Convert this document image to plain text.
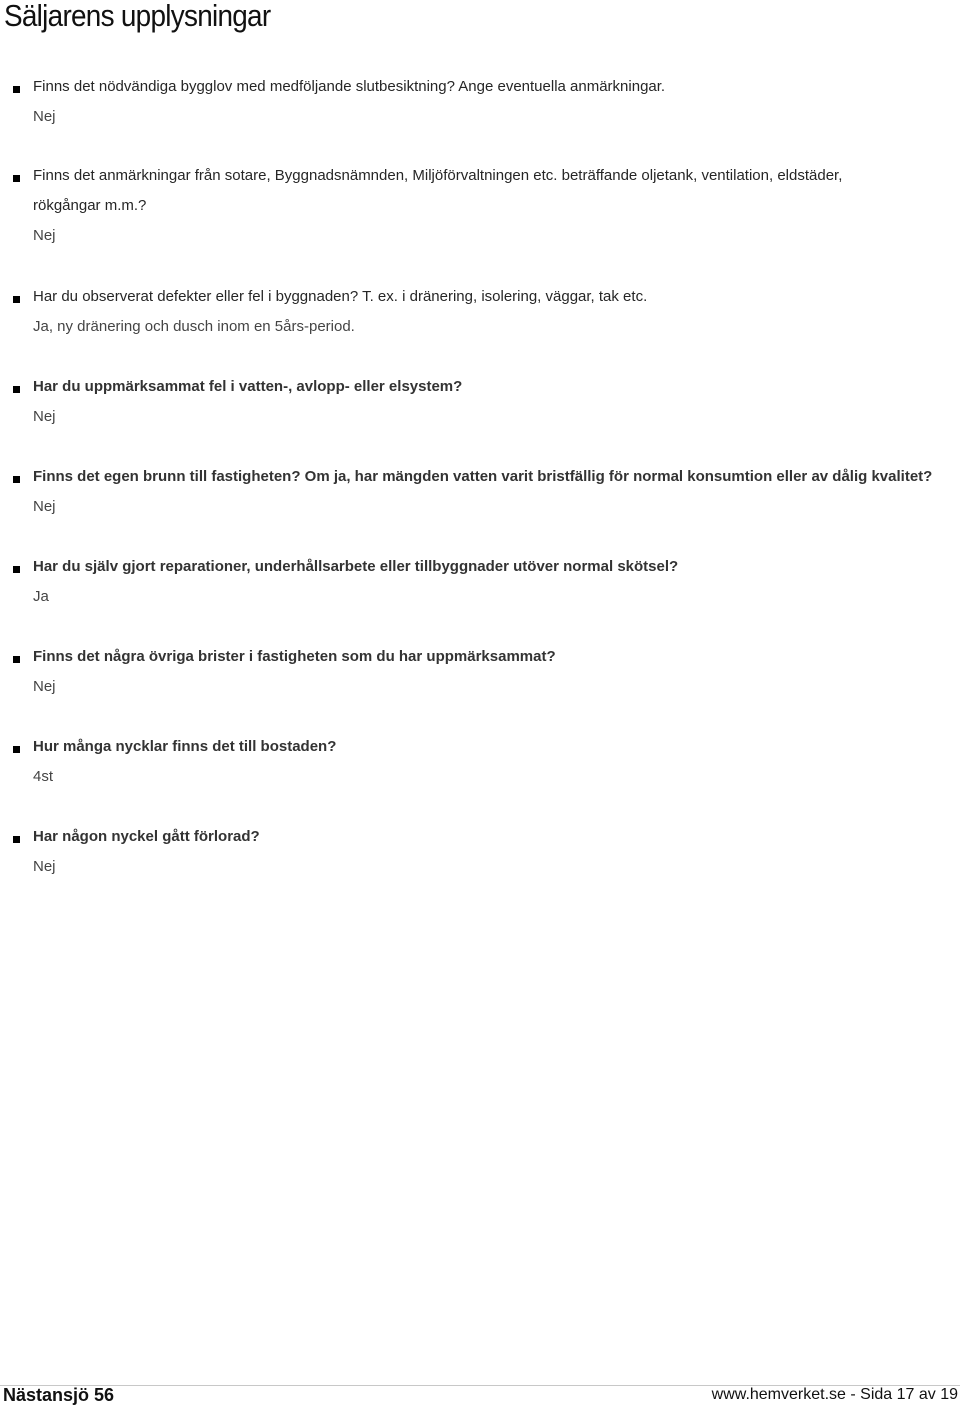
Säljarens upplysningar
Finns det nödvändiga bygglov med medföljande slutbesiktning? Ange eventuella anmärkningar.
Nej
Finns det anmärkningar från sotare, Byggnadsnämnden, Miljöförvaltningen etc. beträffande oljetank, ventilation, eldstäder,
rökgångar m.m.?
Nej
Har du observerat defekter eller fel i byggnaden? T. ex. i dränering, isolering, väggar, tak etc.
Ja, ny dränering och dusch inom en 5års-period.
Har du uppmärksammat fel i vatten-, avlopp- eller elsystem?
Nej
Finns det egen brunn till fastigheten? Om ja, har mängden vatten varit bristfällig för normal konsumtion eller av dålig kvalitet?
Nej
Har du själv gjort reparationer, underhållsarbete eller tillbyggnader utöver normal skötsel?
Ja
Finns det några övriga brister i fastigheten som du har uppmärksammat?
Nej
Hur många nycklar finns det till bostaden?
4st
Har någon nyckel gått förlorad?
Nej
Nästansjö 56	www.hemverket.se - Sida 17 av 19
